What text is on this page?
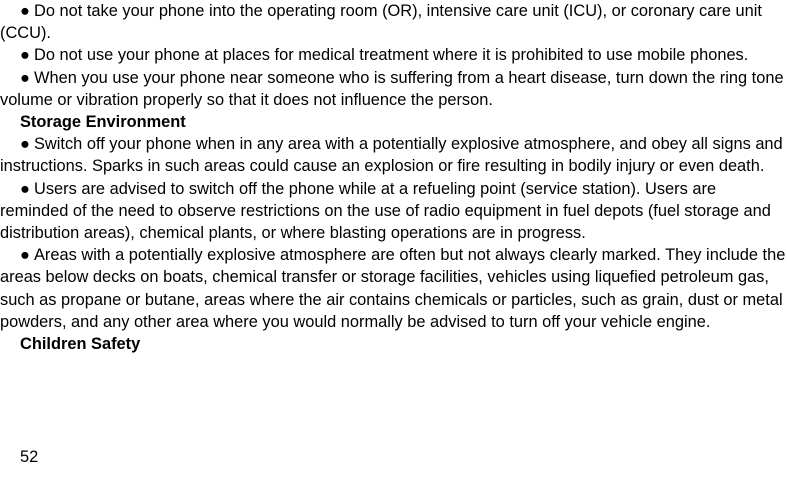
● Do not take your phone into the operating room (OR), intensive care unit (ICU), or coronary care unit (CCU).

● Do not use your phone at places for medical treatment where it is prohibited to use mobile phones.

● When you use your phone near someone who is suffering from a heart disease, turn down the ring tone volume or vibration properly so that it does not influence the person.

Storage Environment

● Switch off your phone when in any area with a potentially explosive atmosphere, and obey all signs and instructions. Sparks in such areas could cause an explosion or fire resulting in bodily injury or even death.

● Users are advised to switch off the phone while at a refueling point (service station). Users are reminded of the need to observe restrictions on the use of radio equipment in fuel depots (fuel storage and distribution areas), chemical plants, or where blasting operations are in progress.

● Areas with a potentially explosive atmosphere are often but not always clearly marked. They include the areas below decks on boats, chemical transfer or storage facilities, vehicles using liquefied petroleum gas, such as propane or butane, areas where the air contains chemicals or particles, such as grain, dust or metal powders, and any other area where you would normally be advised to turn off your vehicle engine.

Children Safety

52
